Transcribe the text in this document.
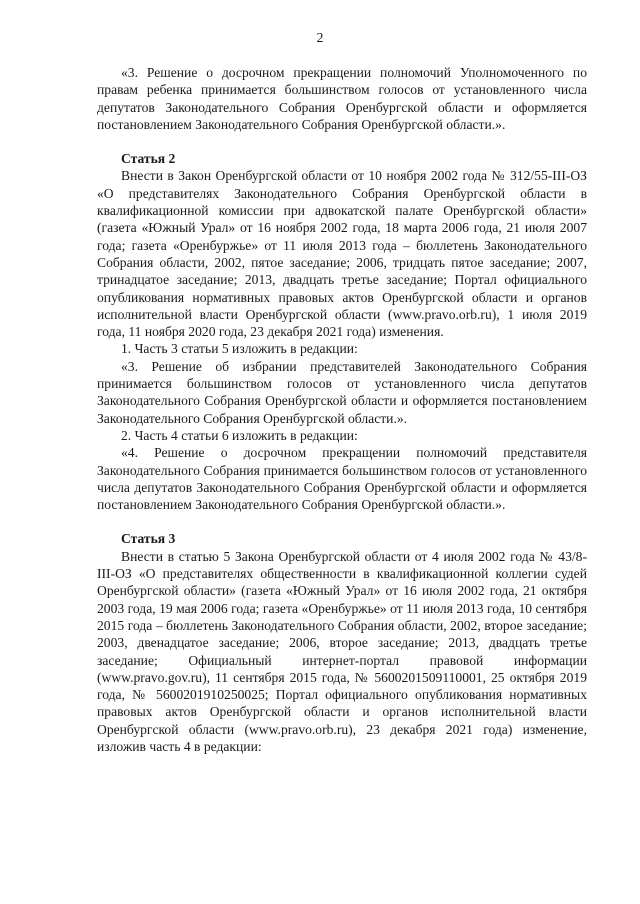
2

«3. Решение о досрочном прекращении полномочий Уполномоченного по правам ребенка принимается большинством голосов от установленного числа депутатов Законодательного Собрания Оренбургской области и оформляется постановлением Законодательного Собрания Оренбургской области.».

Статья 2

Внести в Закон Оренбургской области от 10 ноября 2002 года № 312/55-III-ОЗ «О представителях Законодательного Собрания Оренбургской области в квалификационной комиссии при адвокатской палате Оренбургской области» (газета «Южный Урал» от 16 ноября 2002 года, 18 марта 2006 года, 21 июля 2007 года; газета «Оренбуржье» от 11 июля 2013 года – бюллетень Законодательного Собрания области, 2002, пятое заседание; 2006, тридцать пятое заседание; 2007, тринадцатое заседание; 2013, двадцать третье заседание; Портал официального опубликования нормативных правовых актов Оренбургской области и органов исполнительной власти Оренбургской области (www.pravo.orb.ru), 1 июля 2019 года, 11 ноября 2020 года, 23 декабря 2021 года) изменения.

1. Часть 3 статьи 5 изложить в редакции:

«3. Решение об избрании представителей Законодательного Собрания принимается большинством голосов от установленного числа депутатов Законодательного Собрания Оренбургской области и оформляется постановлением Законодательного Собрания Оренбургской области.».

2. Часть 4 статьи 6 изложить в редакции:

«4. Решение о досрочном прекращении полномочий представителя Законодательного Собрания принимается большинством голосов от установленного числа депутатов Законодательного Собрания Оренбургской области и оформляется постановлением Законодательного Собрания Оренбургской области.».

Статья 3

Внести в статью 5 Закона Оренбургской области от 4 июля 2002 года № 43/8-III-ОЗ «О представителях общественности в квалификационной коллегии судей Оренбургской области» (газета «Южный Урал» от 16 июля 2002 года, 21 октября 2003 года, 19 мая 2006 года; газета «Оренбуржье» от 11 июля 2013 года, 10 сентября 2015 года – бюллетень Законодательного Собрания области, 2002, второе заседание; 2003, двенадцатое заседание; 2006, второе заседание; 2013, двадцать третье заседание; Официальный интернет-портал правовой информации (www.pravo.gov.ru), 11 сентября 2015 года, № 5600201509110001, 25 октября 2019 года, № 5600201910250025; Портал официального опубликования нормативных правовых актов Оренбургской области и органов исполнительной власти Оренбургской области (www.pravo.orb.ru), 23 декабря 2021 года) изменение, изложив часть 4 в редакции:
